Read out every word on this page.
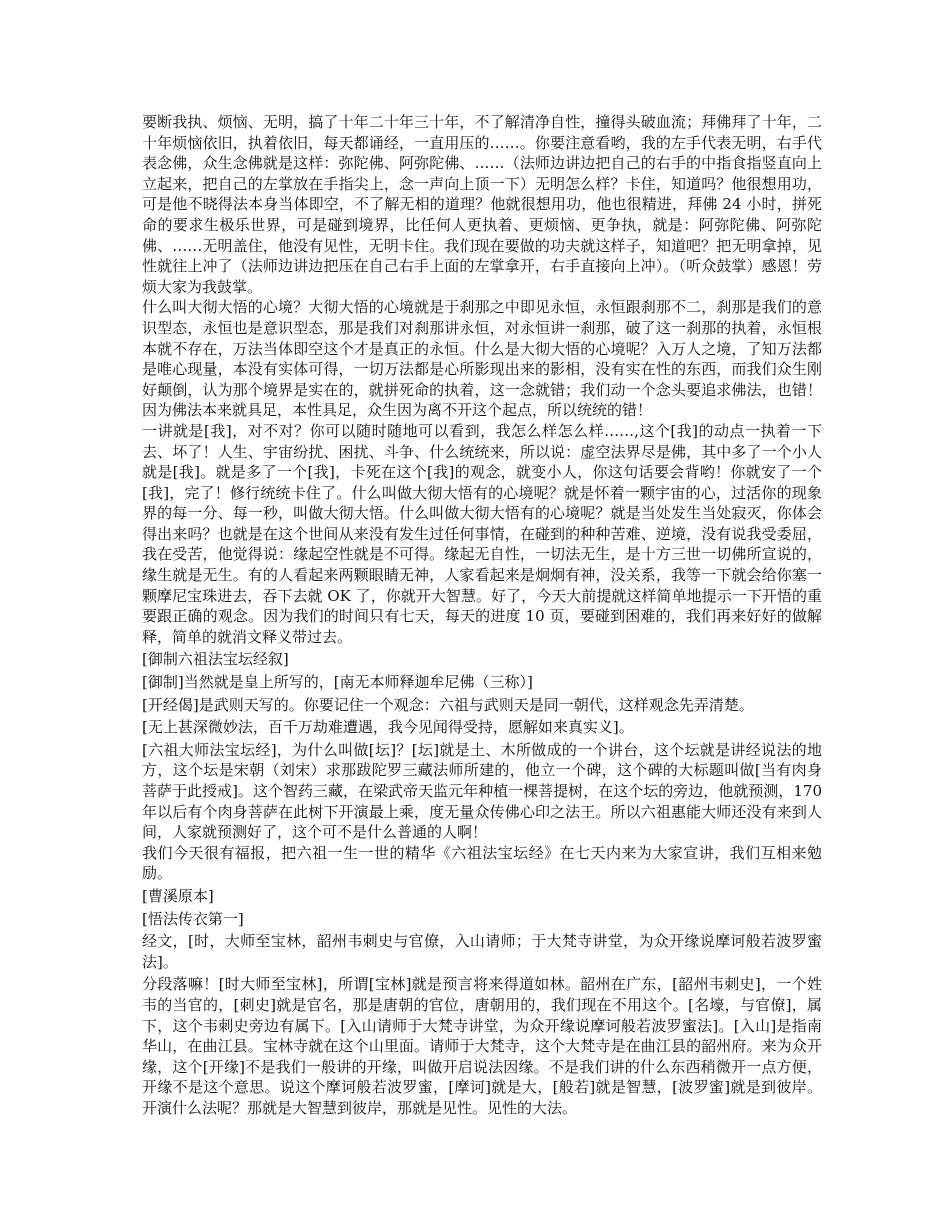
要断我执、烦恼、无明，搞了十年二十年三十年，不了解清净自性，撞得头破血流；拜佛拜了十年，二十年烦恼依旧，执着依旧，每天都诵经，一直用压的……。你要注意看哟，我的左手代表无明，右手代表念佛，众生念佛就是这样：弥陀佛、阿弥陀佛、……（法师边讲边把自己的右手的中指食指竖直向上立起来，把自己的左掌放在手指尖上，念一声向上顶一下）无明怎么样？卡住，知道吗？他很想用功，可是他不晓得法本身当体即空，不了解无相的道理？他就很想用功，他也很精进，拜佛 24 小时，拼死命的要求生极乐世界，可是碰到境界，比任何人更执着、更烦恼、更争执，就是：阿弥陀佛、阿弥陀佛、……无明盖住，他没有见性，无明卡住。我们现在要做的功夫就这样子，知道吧？把无明拿掉，见性就往上冲了（法师边讲边把压在自己右手上面的左掌拿开，右手直接向上冲）。（听众鼓掌）感恩！劳烦大家为我鼓掌。

什么叫大彻大悟的心境？大彻大悟的心境就是于刹那之中即见永恒，永恒跟刹那不二，刹那是我们的意识型态，永恒也是意识型态，那是我们对刹那讲永恒，对永恒讲一刹那，破了这一刹那的执着，永恒根本就不存在，万法当体即空这个才是真正的永恒。什么是大彻大悟的心境呢？入万人之境，了知万法都是唯心现量，本没有实体可得，一切万法都是心所影现出来的影相，没有实在性的东西，而我们众生刚好颠倒，认为那个境界是实在的，就拼死命的执着，这一念就错；我们动一个念头要追求佛法，也错！因为佛法本来就具足，本性具足，众生因为离不开这个起点，所以统统的错！

一讲就是[我]，对不对？你可以随时随地可以看到，我怎么样怎么样……,这个[我]的动点一执着一下去、坏了！人生、宇宙纷扰、困扰、斗争、什么统统来，所以说：虚空法界尽是佛，其中多了一个小人就是[我]。就是多了一个[我]，卡死在这个[我]的观念，就变小人，你这句话要会背哟！你就安了一个[我]，完了！修行统统卡住了。什么叫做大彻大悟有的心境呢？就是怀着一颗宇宙的心，过活你的现象界的每一分、每一秒，叫做大彻大悟。什么叫做大彻大悟有的心境呢？就是当处发生当处寂灭，你体会得出来吗？也就是在这个世间从来没有发生过任何事情，在碰到的种种苦难、逆境，没有说我受委屈，我在受苦，他觉得说：缘起空性就是不可得。缘起无自性，一切法无生，是十方三世一切佛所宣说的，缘生就是无生。有的人看起来两颗眼睛无神，人家看起来是炯炯有神，没关系，我等一下就会给你塞一颗摩尼宝珠进去，吞下去就 OK 了，你就开大智慧。好了，今天大前提就这样简单地提示一下开悟的重要跟正确的观念。因为我们的时间只有七天，每天的进度 10 页，要碰到困难的，我们再来好好的做解释，简单的就消文释义带过去。

[御制六祖法宝坛经叙]

[御制]当然就是皇上所写的，[南无本师释迦牟尼佛（三称）]

[开经偈]是武则天写的。你要记住一个观念：六祖与武则天是同一朝代，这样观念先弄清楚。

[无上甚深微妙法，百千万劫难遭遇，我今见闻得受持，愿解如来真实义]。

[六祖大师法宝坛经]，为什么叫做[坛]？[坛]就是土、木所做成的一个讲台，这个坛就是讲经说法的地方，这个坛是宋朝（刘宋）求那跋陀罗三藏法师所建的，他立一个碑，这个碑的大标题叫做[当有肉身菩萨于此授戒]。这个智药三藏，在梁武帝天监元年种植一棵菩提树，在这个坛的旁边，他就预测，170 年以后有个肉身菩萨在此树下开演最上乘，度无量众传佛心印之法王。所以六祖惠能大师还没有来到人间，人家就预测好了，这个可不是什么普通的人啊！

我们今天很有福报，把六祖一生一世的精华《六祖法宝坛经》在七天内来为大家宣讲，我们互相来勉励。

[曹溪原本]

[悟法传衣第一]

经文，[时，大师至宝林，韶州韦刺史与官僚，入山请师；于大梵寺讲堂，为众开缘说摩诃般若波罗蜜法]。

分段落嘛！[时大师至宝林]，所谓[宝林]就是预言将来得道如林。韶州在广东，[韶州韦刺史]，一个姓韦的当官的，[刺史]就是官名，那是唐朝的官位，唐朝用的，我们现在不用这个。[名壕，与官僚]，属下，这个韦刺史旁边有属下。[入山请师于大梵寺讲堂，为众开缘说摩诃般若波罗蜜法]。[入山]是指南华山，在曲江县。宝林寺就在这个山里面。请师于大梵寺，这个大梵寺是在曲江县的韶州府。来为众开缘，这个[开缘]不是我们一般讲的开缘，叫做开启说法因缘。不是我们讲的什么东西稍微开一点方便，开缘不是这个意思。说这个摩诃般若波罗蜜，[摩诃]就是大，[般若]就是智慧，[波罗蜜]就是到彼岸。开演什么法呢？那就是大智慧到彼岸，那就是见性。见性的大法。
